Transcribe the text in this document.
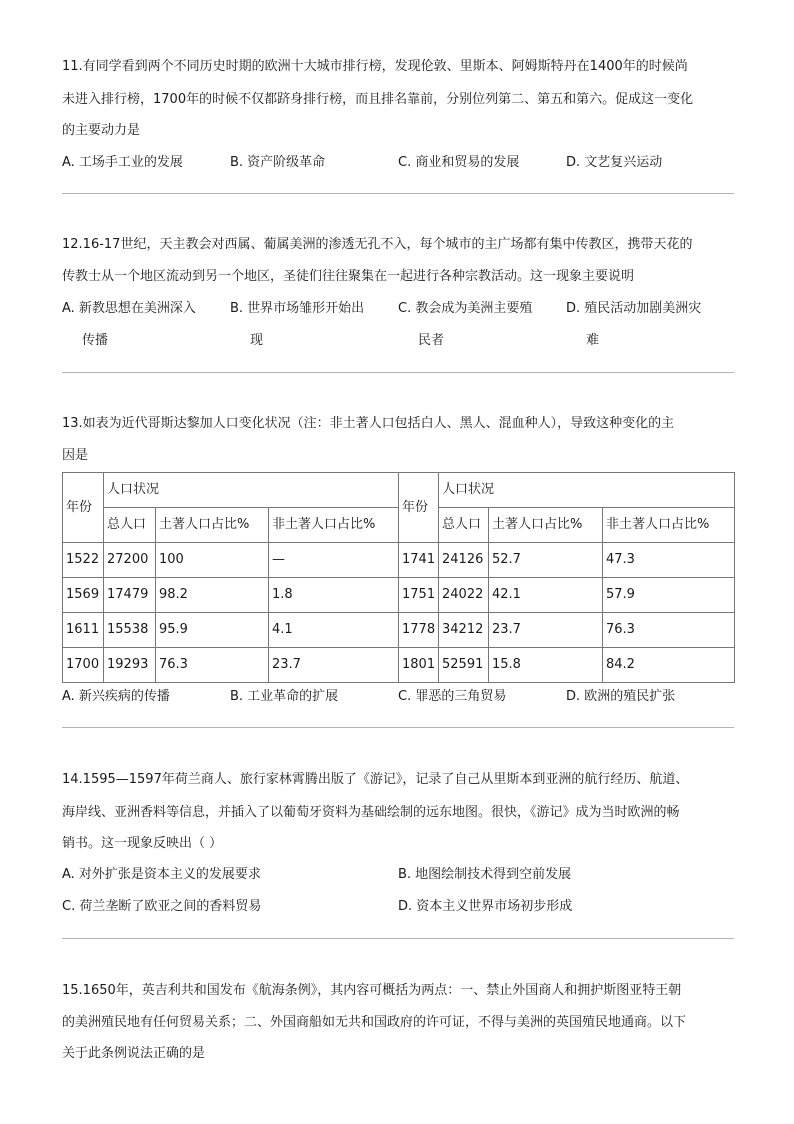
11.有同学看到两个不同历史时期的欧洲十大城市排行榜，发现伦敦、里斯本、阿姆斯特丹在1400年的时候尚
未进入排行榜，1700年的时候不仅都跻身排行榜，而且排名靠前，分别位列第二、第五和第六。促成这一变化
的主要动力是
A. 工场手工业的发展	B. 资产阶级革命	C. 商业和贸易的发展	D. 文艺复兴运动
12.16-17世纪，天主教会对西属、葡属美洲的渗透无孔不入，每个城市的主广场都有集中传教区，携带天花的
传教士从一个地区流动到另一个地区，圣徒们往往聚集在一起进行各种宗教活动。这一现象主要说明
A. 新教思想在美洲深入
传播
B. 世界市场雏形开始出
现
C. 教会成为美洲主要殖
民者
D. 殖民活动加剧美洲灾
难
13.如表为近代哥斯达黎加人口变化状况（注：非土著人口包括白人、黑人、混血种人），导致这种变化的主
因是
年份	人口状况			年份	人口状况		
	总人口	土著人口占比%	非土著人口占比%		总人口	土著人口占比%	非土著人口占比%
1522	27200	100	—	1741	24126	52.7	47.3
1569	17479	98.2	1.8	1751	24022	42.1	57.9
1611	15538	95.9	4.1	1778	34212	23.7	76.3
1700	19293	76.3	23.7	1801	52591	15.8	84.2
A. 新兴疾病的传播	B. 工业革命的扩展	C. 罪恶的三角贸易	D. 欧洲的殖民扩张
14.1595—1597年荷兰商人、旅行家林霄腾出版了《游记》，记录了自己从里斯本到亚洲的航行经历、航道、
海岸线、亚洲香料等信息，并插入了以葡萄牙资料为基础绘制的远东地图。很快，《游记》成为当时欧洲的畅
销书。这一现象反映出（ ）
A. 对外扩张是资本主义的发展要求	B. 地图绘制技术得到空前发展
C. 荷兰垄断了欧亚之间的香料贸易	D. 资本主义世界市场初步形成
15.1650年，英吉利共和国发布《航海条例》，其内容可概括为两点：一、禁止外国商人和拥护斯图亚特王朝
的美洲殖民地有任何贸易关系；二、外国商船如无共和国政府的许可证，不得与美洲的英国殖民地通商。以下
关于此条例说法正确的是
